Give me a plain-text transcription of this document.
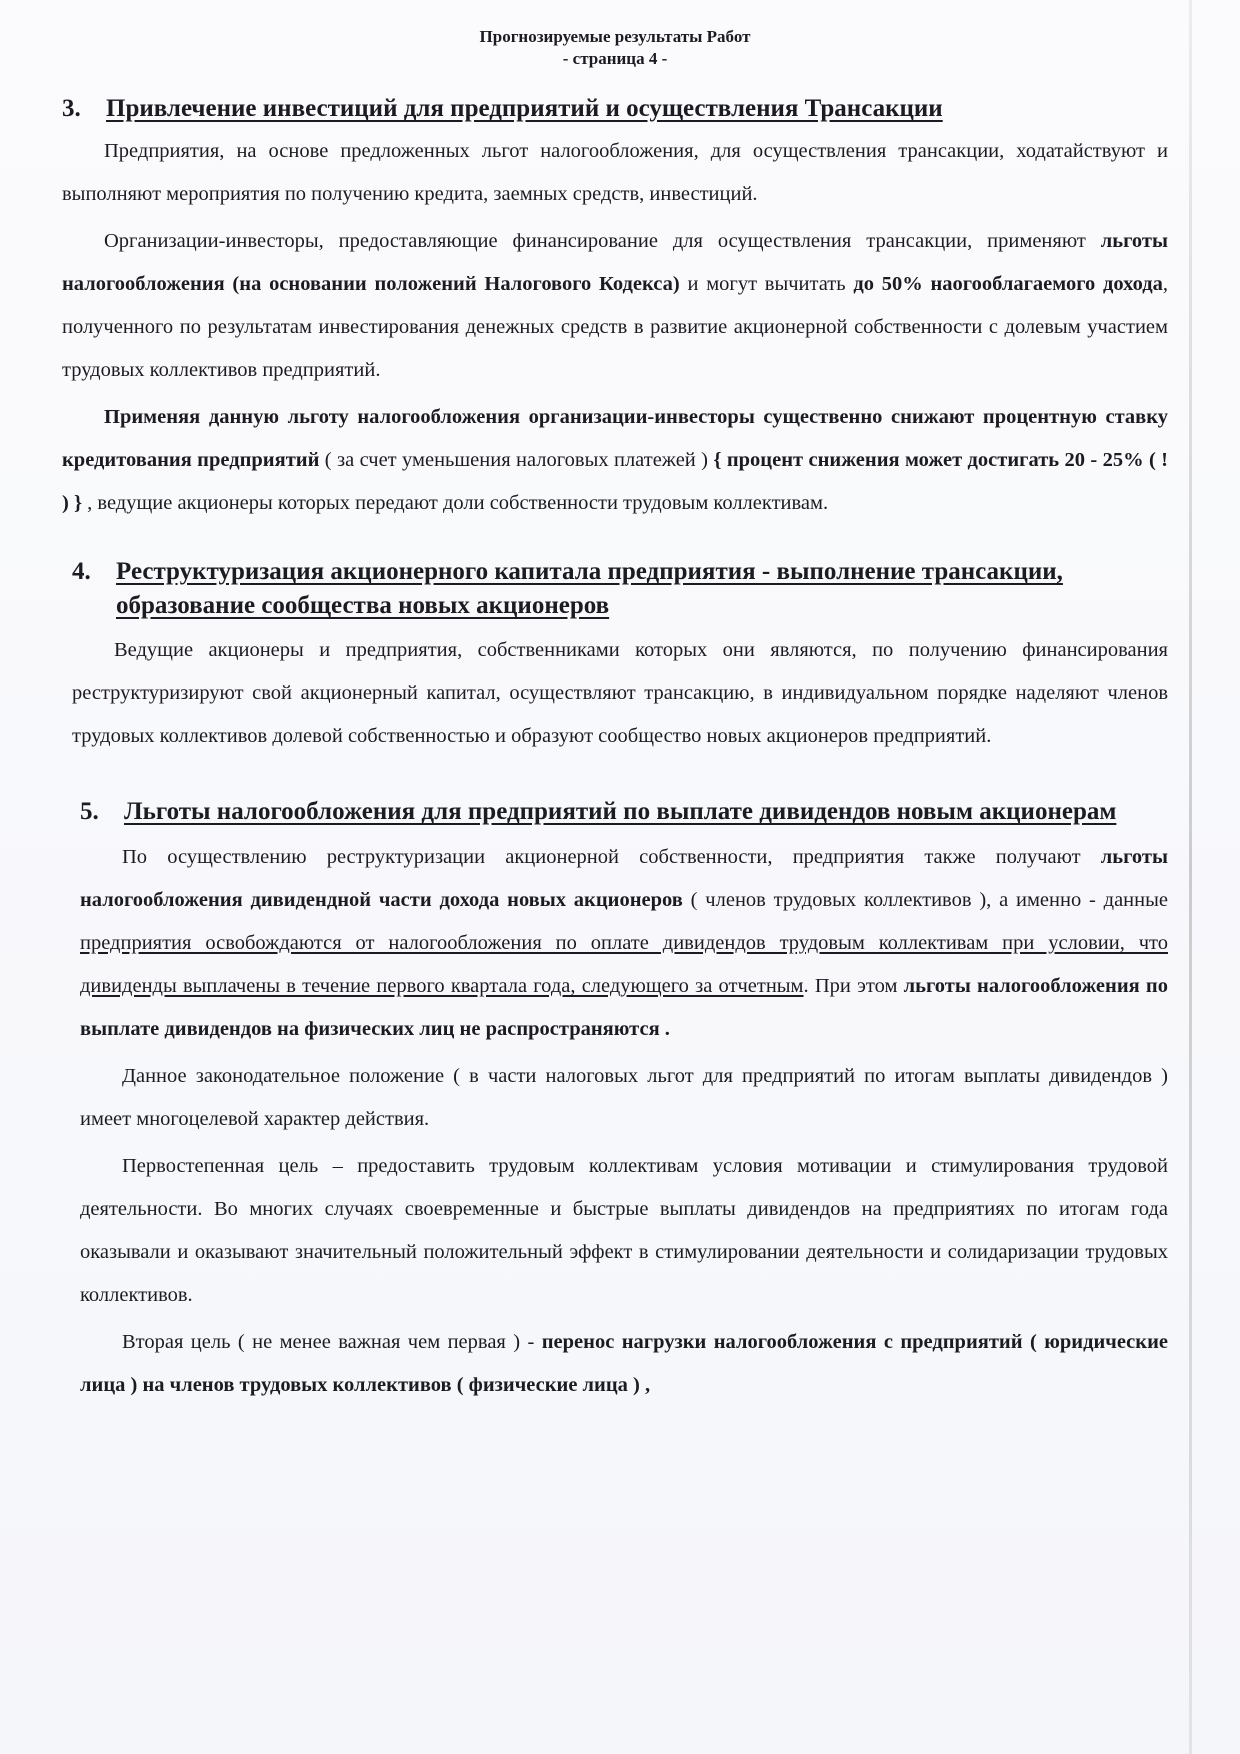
Прогнозируемые результаты Работ
- страница 4 -
3.	Привлечение инвестиций для предприятий и осуществления Трансакции

Предприятия, на основе предложенных льгот налогообложения, для осуществления трансакции, ходатайствуют и выполняют мероприятия по получению кредита, заемных средств, инвестиций.

Организации-инвесторы, предоставляющие финансирование для осуществления трансакции, применяют льготы налогообложения (на основании положений Налогового Кодекса) и могут вычитать до 50% наогооблагаемого дохода, полученного по результатам инвестирования денежных средств в развитие акционерной собственности с долевым участием трудовых коллективов предприятий.

Применяя данную льготу налогообложения организации-инвесторы существенно снижают процентную ставку кредитования предприятий ( за счет уменьшения налоговых платежей ) { процент снижения может достигать 20 - 25% ( ! ) } , ведущие акционеры которых передают доли собственности трудовым коллективам.

4.	Реструктуризация акционерного капитала предприятия - выполнение трансакции, образование сообщества новых акционеров

Ведущие акционеры и предприятия, собственниками которых они являются, по получению финансирования реструктуризируют свой акционерный капитал, осуществляют трансакцию, в индивидуальном порядке наделяют членов трудовых коллективов долевой собственностью и образуют сообщество новых акционеров предприятий.

5.	Льготы налогообложения для предприятий по выплате дивидендов новым акционерам

По осуществлению реструктуризации акционерной собственности, предприятия также получают льготы налогообложения дивидендной части дохода новых акционеров ( членов трудовых коллективов ), а именно - данные предприятия освобождаются от налогообложения по оплате дивидендов трудовым коллективам при условии, что дивиденды выплачены в течение первого квартала года, следующего за отчетным. При этом льготы налогообложения по выплате дивидендов на физических лиц не распространяются .

Данное законодательное положение ( в части налоговых льгот для предприятий по итогам выплаты дивидендов ) имеет многоцелевой характер действия.

Первостепенная цель – предоставить трудовым коллективам условия мотивации и стимулирования трудовой деятельности. Во многих случаях своевременные и быстрые выплаты дивидендов на предприятиях по итогам года оказывали и оказывают значительный положительный эффект в стимулировании деятельности и солидаризации трудовых коллективов.

Вторая цель ( не менее важная чем первая ) - перенос нагрузки налогообложения с предприятий ( юридические лица ) на членов трудовых коллективов ( физические лица ) ,
